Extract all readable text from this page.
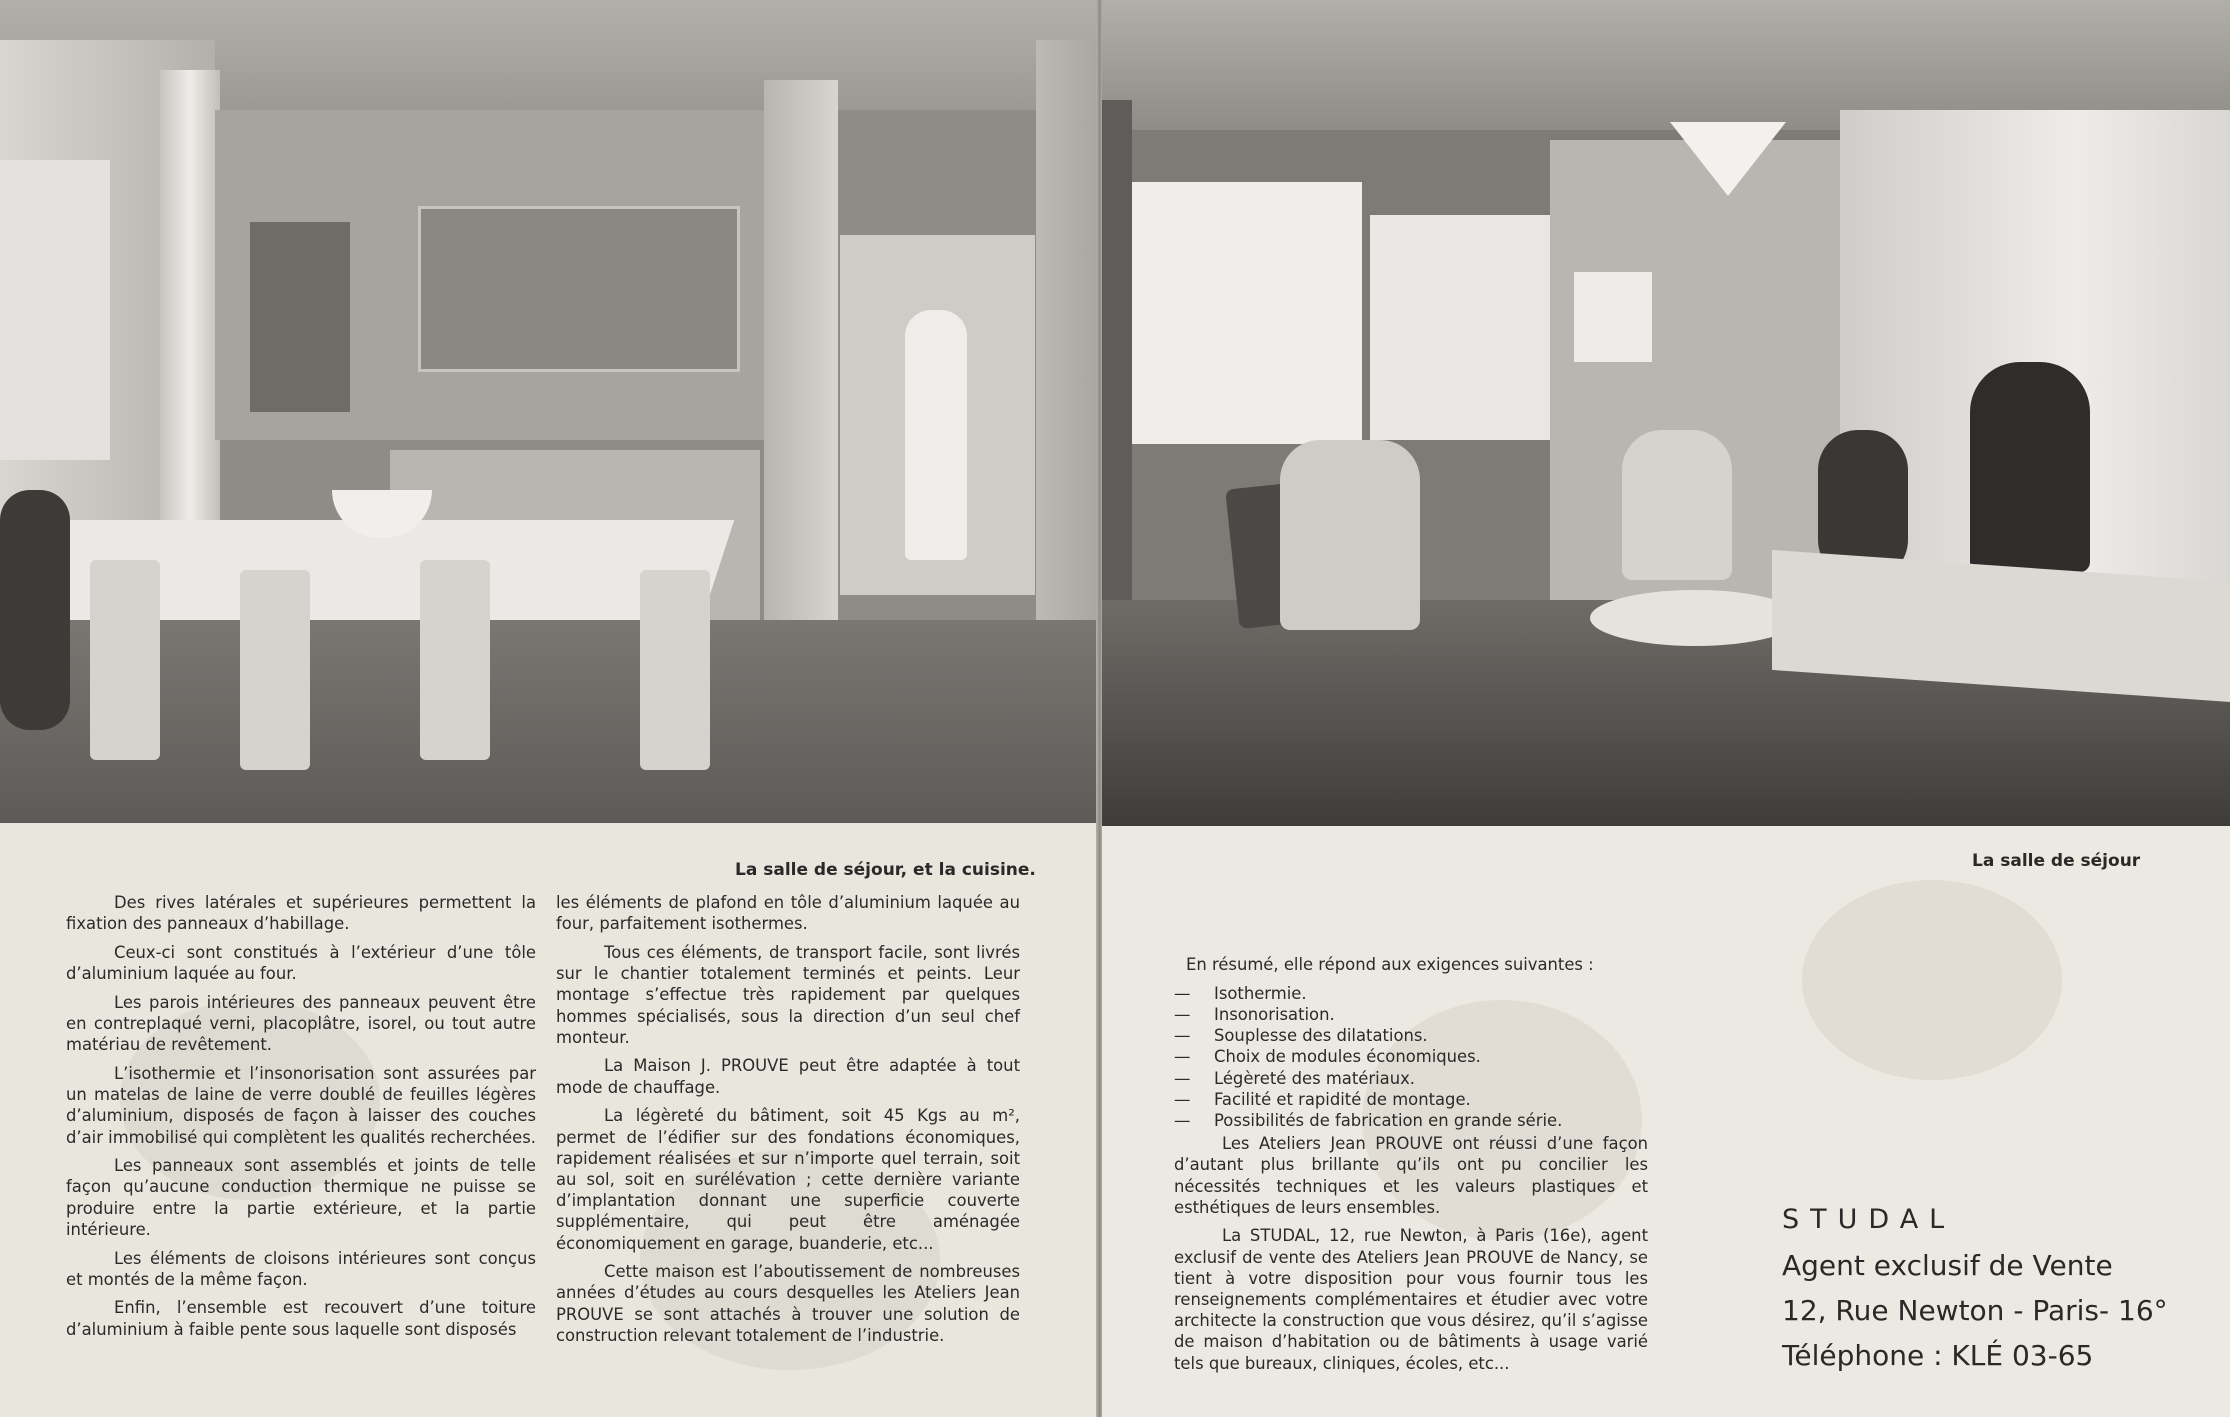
La salle de séjour, et la cuisine.

Des rives latérales et supérieures permettent la fixation des panneaux d’habillage.

Ceux-ci sont constitués à l’extérieur d’une tôle d’aluminium laquée au four.

Les parois intérieures des panneaux peuvent être en contreplaqué verni, placoplâtre, isorel, ou tout autre matériau de revêtement.

L’isothermie et l’insonorisation sont assurées par un matelas de laine de verre doublé de feuilles légères d’aluminium, disposés de façon à laisser des couches d’air immobilisé qui complètent les qualités recherchées.

Les panneaux sont assemblés et joints de telle façon qu’aucune conduction thermique ne puisse se produire entre la partie extérieure, et la partie intérieure.

Les éléments de cloisons intérieures sont conçus et montés de la même façon.

Enfin, l’ensemble est recouvert d’une toiture d’aluminium à faible pente sous laquelle sont disposés

les éléments de plafond en tôle d’aluminium laquée au four, parfaitement isothermes.

Tous ces éléments, de transport facile, sont livrés sur le chantier totalement terminés et peints. Leur montage s’effectue très rapidement par quelques hommes spécialisés, sous la direction d’un seul chef monteur.

La Maison J. PROUVE peut être adaptée à tout mode de chauffage.

La légèreté du bâtiment, soit 45 Kgs au m², permet de l’édifier sur des fondations économiques, rapidement réalisées et sur n’importe quel terrain, soit au sol, soit en surélévation ; cette dernière variante d’implantation donnant une superficie couverte supplémentaire, qui peut être aménagée économiquement en garage, buanderie, etc...

Cette maison est l’aboutissement de nombreuses années d’études au cours desquelles les Ateliers Jean PROUVE se sont attachés à trouver une solution de construction relevant totalement de l’industrie.

La salle de séjour

En résumé, elle répond aux exigences suivantes :

— Isothermie.
— Insonorisation.
— Souplesse des dilatations.
— Choix de modules économiques.
— Légèreté des matériaux.
— Facilité et rapidité de montage.
— Possibilités de fabrication en grande série.

Les Ateliers Jean PROUVE ont réussi d’une façon d’autant plus brillante qu’ils ont pu concilier les nécessités techniques et les valeurs plastiques et esthétiques de leurs ensembles.

La STUDAL, 12, rue Newton, à Paris (16e), agent exclusif de vente des Ateliers Jean PROUVE de Nancy, se tient à votre disposition pour vous fournir tous les renseignements complémentaires et étudier avec votre architecte la construction que vous désirez, qu’il s’agisse de maison d’habitation ou de bâtiments à usage varié tels que bureaux, cliniques, écoles, etc...

STUDAL
Agent exclusif de Vente
12, Rue Newton - Paris- 16°
Téléphone : KLÉ 03-65
